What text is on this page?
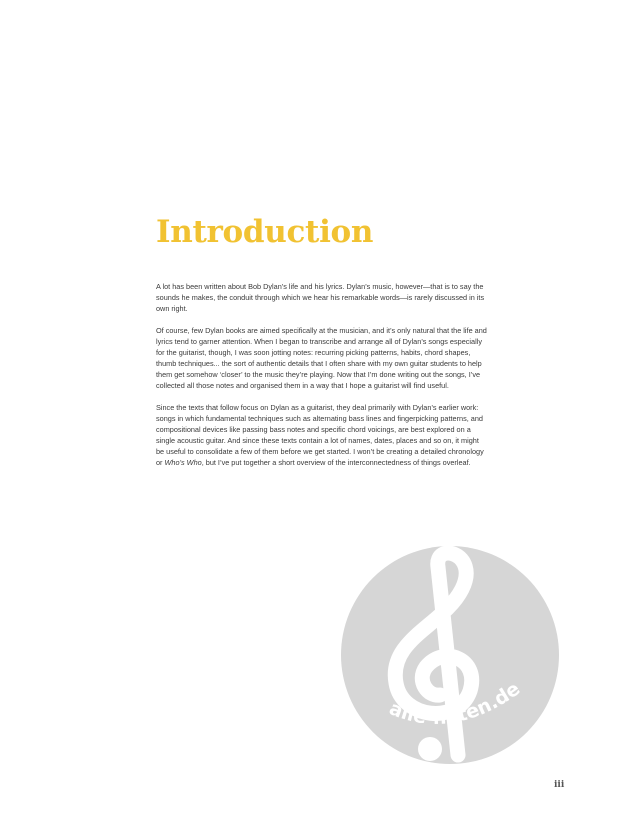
Introduction

A lot has been written about Bob Dylan’s life and his lyrics. Dylan’s music, however—that is to say the sounds he makes, the conduit through which we hear his remarkable words—is rarely discussed in its own right.

Of course, few Dylan books are aimed specifically at the musician, and it’s only natural that the life and lyrics tend to garner attention. When I began to transcribe and arrange all of Dylan’s songs especially for the guitarist, though, I was soon jotting notes: recurring picking patterns, habits, chord shapes, thumb techniques... the sort of authentic details that I often share with my own guitar students to help them get somehow ‘closer’ to the music they’re playing. Now that I’m done writing out the songs, I’ve collected all those notes and organised them in a way that I hope a guitarist will find useful.

Since the texts that follow focus on Dylan as a guitarist, they deal primarily with Dylan’s earlier work: songs in which fundamental techniques such as alternating bass lines and fingerpicking patterns, and compositional devices like passing bass notes and specific chord voicings, are best explored on a single acoustic guitar. And since these texts contain a lot of names, dates, places and so on, it might be useful to consolidate a few of them before we get started. I won’t be creating a detailed chronology or Who’s Who, but I’ve put together a short overview of the interconnectedness of things overleaf.

alle-noten.de
iii
